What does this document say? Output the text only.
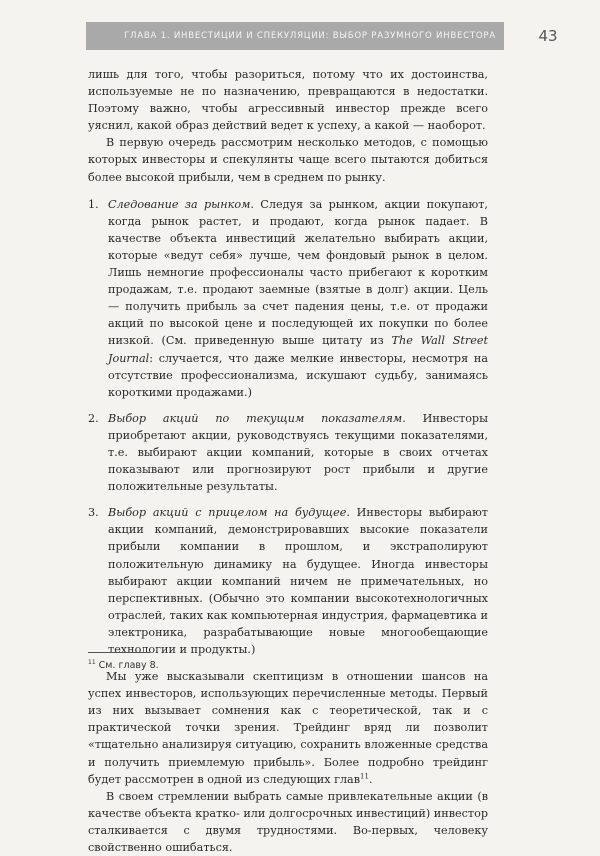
ГЛАВА 1. ИНВЕСТИЦИИ И СПЕКУЛЯЦИИ: ВЫБОР РАЗУМНОГО ИНВЕСТОРА	43

лишь для того, чтобы разориться, потому что их достоинства, используемые не по назначению, превращаются в недостатки. Поэтому важно, чтобы агрессивный инвестор прежде всего уяснил, какой образ действий ведет к успеху, а какой — наоборот.

В первую очередь рассмотрим несколько методов, с помощью которых инвесторы и спекулянты чаще всего пытаются добиться более высокой прибыли, чем в среднем по рынку.

1. Следование за рынком. Следуя за рынком, акции покупают, когда рынок растет, и продают, когда рынок падает. В качестве объекта инвестиций желательно выбирать акции, которые «ведут себя» лучше, чем фондовый рынок в целом. Лишь немногие профессионалы часто прибегают к коротким продажам, т.е. продают заемные (взятые в долг) акции. Цель — получить прибыль за счет падения цены, т.е. от продажи акций по высокой цене и последующей их покупки по более низкой. (См. приведенную выше цитату из The Wall Street Journal: случается, что даже мелкие инвесторы, несмотря на отсутствие профессионализма, искушают судьбу, занимаясь короткими продажами.)
2. Выбор акций по текущим показателям. Инвесторы приобретают акции, руководствуясь текущими показателями, т.е. выбирают акции компаний, которые в своих отчетах показывают или прогнозируют рост прибыли и другие положительные результаты.
3. Выбор акций с прицелом на будущее. Инвесторы выбирают акции компаний, демонстрировавших высокие показатели прибыли компании в прошлом, и экстраполируют положительную динамику на будущее. Иногда инвесторы выбирают акции компаний ничем не примечательных, но перспективных. (Обычно это компании высокотехнологичных отраслей, таких как компьютерная индустрия, фармацевтика и электроника, разрабатывающие новые многообещающие технологии и продукты.)

Мы уже высказывали скептицизм в отношении шансов на успех инвесторов, использующих перечисленные методы. Первый из них вызывает сомнения как с теоретической, так и с практической точки зрения. Трейдинг вряд ли позволит «тщательно анализируя ситуацию, сохранить вложенные средства и получить приемлемую прибыль». Более подробно трейдинг будет рассмотрен в одной из следующих глав$^{11}$.

В своем стремлении выбрать самые привлекательные акции (в качестве объекта кратко- или долгосрочных инвестиций) инвестор сталкивается с двумя трудностями. Во-первых, человеку свойственно ошибаться.

$^{11}$ См. главу 8.
